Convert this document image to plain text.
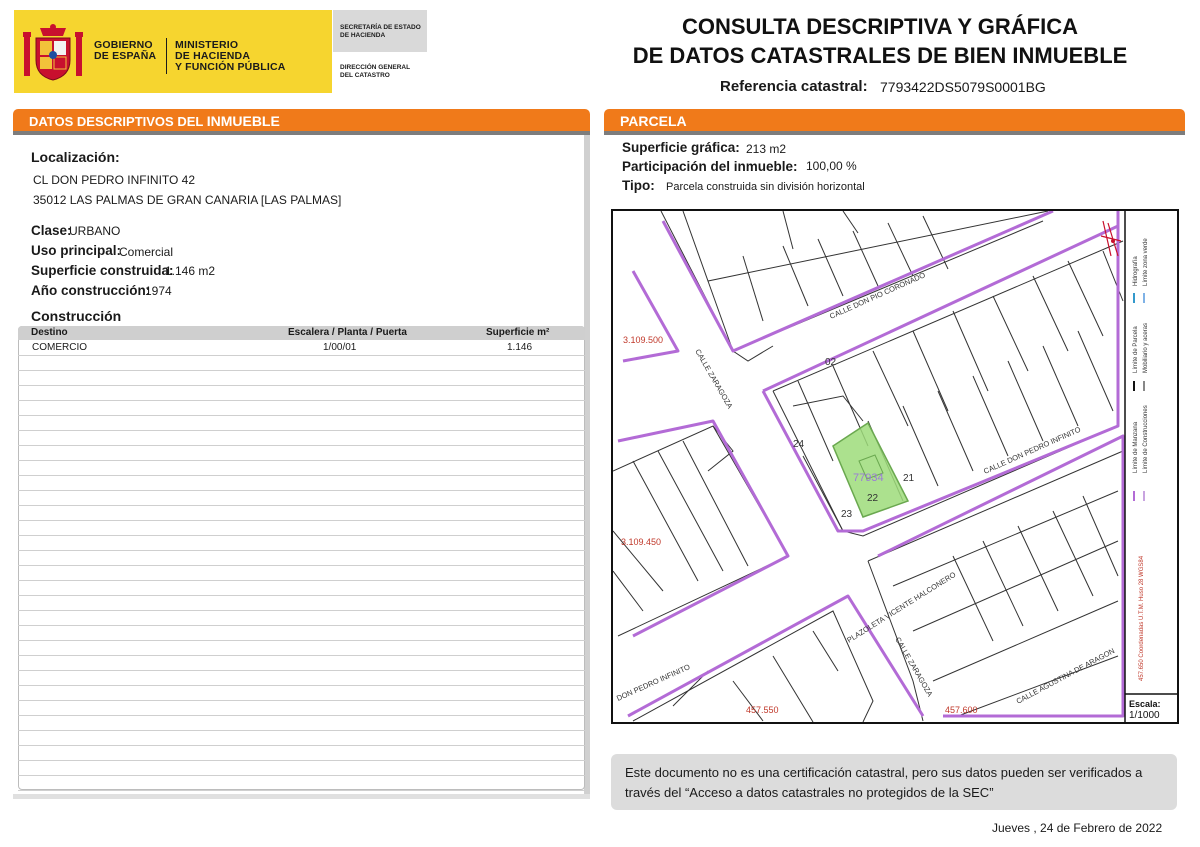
GOBIERNO
DE ESPAÑA
MINISTERIO
DE HACIENDA
Y FUNCIÓN PÚBLICA
SECRETARÍA DE ESTADO
DE HACIENDA
DIRECCIÓN GENERAL
DEL CATASTRO
CONSULTA DESCRIPTIVA Y GRÁFICA
DE DATOS CATASTRALES DE BIEN INMUEBLE
Referencia catastral: 7793422DS5079S0001BG
DATOS DESCRIPTIVOS DEL INMUEBLE
Localización:
CL DON PEDRO INFINITO 42
35012 LAS PALMAS DE GRAN CANARIA [LAS PALMAS]
Clase:
URBANO
Uso principal:
Comercial
Superficie construida:
1.146 m2
Año construcción:
1974
Construcción
Destino	Escalera / Planta / Puerta	Superficie m²
COMERCIO	1/00/01	1.146
PARCELA
Superficie gráfica: 213 m2
Participación del inmueble: 100,00 %
Tipo: Parcela construida sin división horizontal
CALLE DON PIO CORONADO
CALLE ZARAGOZA
CALLE DON PEDRO INFINITO
DON PEDRO INFINITO
PLAZOLETA VICENTE HALCONERO
CALLE ZARAGOZA	CALLE AGUSTINA DE ARAGON
24
21
22
23
02
77934
3.109.500
3.109.450
457.550	457.600
Límite de Manzana
Límite de Parcela
Límite de Construcciones
Mobiliario y aceras
Límite zona verde
Hidrografía
457.650 Coordenadas U.T.M. Huso 28 WGS84
Escala:
1/1000
Este documento no es una certificación catastral, pero sus datos pueden ser verificados a través del “Acceso a datos catastrales no protegidos de la SEC”
Jueves , 24 de Febrero de 2022
